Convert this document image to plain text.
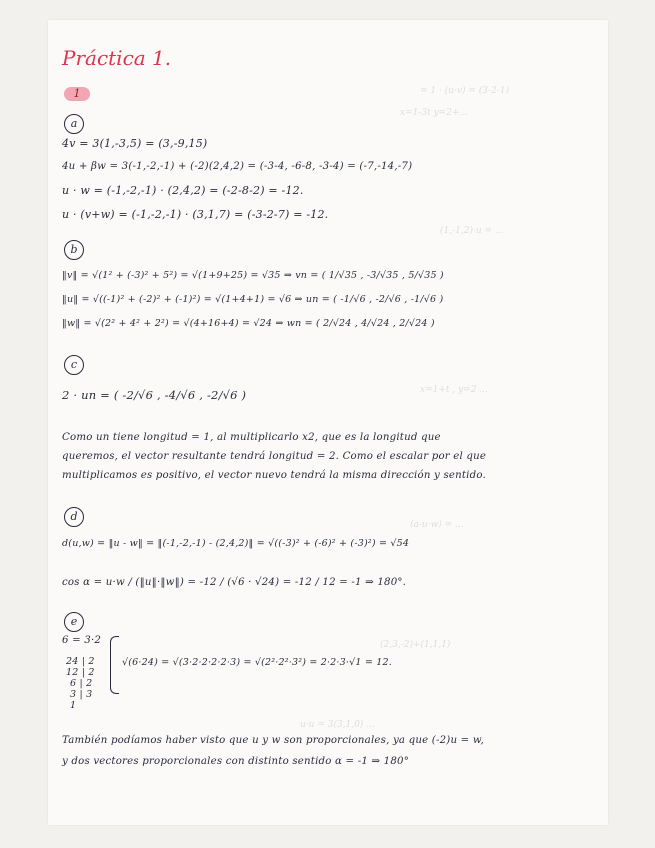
= 1 · (u·v) = (3-2-1)
x=1-3t y=2+...
(1,-1,2)·u = ...
x=1+t , y=2 ...
(a-u·w) = ...
(2,3,-2)+(1,1,1)
u·u = 3(3,1,0) ...
Práctica 1.
1
a
4v = 3(1,-3,5) = (3,-9,15)
4u + βw = 3(-1,-2,-1) + (-2)(2,4,2) = (-3-4, -6-8, -3-4) = (-7,-14,-7)
u · w = (-1,-2,-1) · (2,4,2) = (-2-8-2) = -12.
u · (v+w) = (-1,-2,-1) · (3,1,7) = (-3-2-7) = -12.
b
‖v‖ = √(1² + (-3)² + 5²) = √(1+9+25) = √35 ⇒ vn = ( 1/√35 , -3/√35 , 5/√35 )
‖u‖ = √((-1)² + (-2)² + (-1)²) = √(1+4+1) = √6 ⇒ un = ( -1/√6 , -2/√6 , -1/√6 )
‖w‖ = √(2² + 4² + 2²) = √(4+16+4) = √24 ⇒ wn = ( 2/√24 , 4/√24 , 2/√24 )
c
2 · un = ( -2/√6 , -4/√6 , -2/√6 )
Como un tiene longitud = 1, al multiplicarlo x2, que es la longitud que
queremos, el vector resultante tendrá longitud = 2. Como el escalar por el que
multiplicamos es positivo, el vector nuevo tendrá la misma dirección y sentido.
d
d(u,w) = ‖u - w‖ = ‖(-1,-2,-1) - (2,4,2)‖ = √((-3)² + (-6)² + (-3)²) = √54
cos α = u·w / (‖u‖·‖w‖) = -12 / (√6 · √24) = -12 / 12 = -1 ⇒ 180°.
e
6 = 3·2
24 | 2
12 | 2
6 | 2
3 | 3
1
√(6·24) = √(3·2·2·2·2·3) = √(2²·2²·3²) = 2·2·3·√1 = 12.
También podíamos haber visto que u y w son proporcionales, ya que (-2)u = w,
y dos vectores proporcionales con distinto sentido α = -1 ⇒ 180°
